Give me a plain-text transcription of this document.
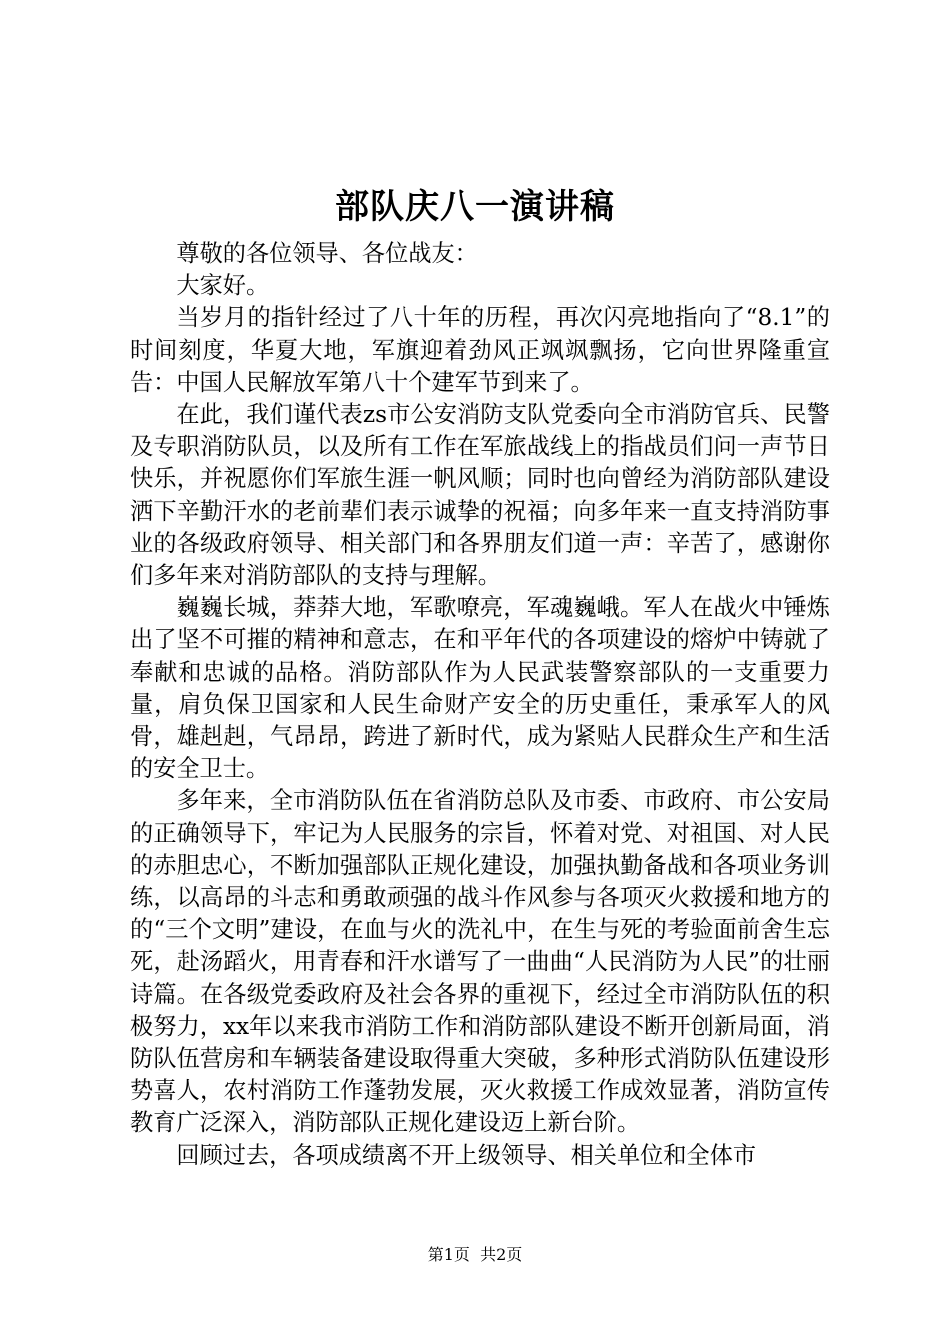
部队庆八一演讲稿

尊敬的各位领导、各位战友：

大家好。

当岁月的指针经过了八十年的历程，再次闪亮地指向了“8.1”的时间刻度，华夏大地，军旗迎着劲风正飒飒飘扬，它向世界隆重宣告：中国人民解放军第八十个建军节到来了。

在此，我们谨代表zs市公安消防支队党委向全市消防官兵、民警及专职消防队员，以及所有工作在军旅战线上的指战员们问一声节日快乐，并祝愿你们军旅生涯一帆风顺；同时也向曾经为消防部队建设洒下辛勤汗水的老前辈们表示诚挚的祝福；向多年来一直支持消防事业的各级政府领导、相关部门和各界朋友们道一声：辛苦了，感谢你们多年来对消防部队的支持与理解。

巍巍长城，莽莽大地，军歌嘹亮，军魂巍峨。军人在战火中锤炼出了坚不可摧的精神和意志，在和平年代的各项建设的熔炉中铸就了奉献和忠诚的品格。消防部队作为人民武装警察部队的一支重要力量，肩负保卫国家和人民生命财产安全的历史重任，秉承军人的风骨，雄赳赳，气昂昂，跨进了新时代，成为紧贴人民群众生产和生活的安全卫士。

多年来，全市消防队伍在省消防总队及市委、市政府、市公安局的正确领导下，牢记为人民服务的宗旨，怀着对党、对祖国、对人民的赤胆忠心，不断加强部队正规化建设，加强执勤备战和各项业务训练，以高昂的斗志和勇敢顽强的战斗作风参与各项灭火救援和地方的的“三个文明”建设，在血与火的洗礼中，在生与死的考验面前舍生忘死，赴汤蹈火，用青春和汗水谱写了一曲曲“人民消防为人民”的壮丽诗篇。在各级党委政府及社会各界的重视下，经过全市消防队伍的积极努力，xx年以来我市消防工作和消防部队建设不断开创新局面，消防队伍营房和车辆装备建设取得重大突破，多种形式消防队伍建设形势喜人，农村消防工作蓬勃发展，灭火救援工作成效显著，消防宣传教育广泛深入，消防部队正规化建设迈上新台阶。

回顾过去，各项成绩离不开上级领导、相关单位和全体市

第1页 共2页
